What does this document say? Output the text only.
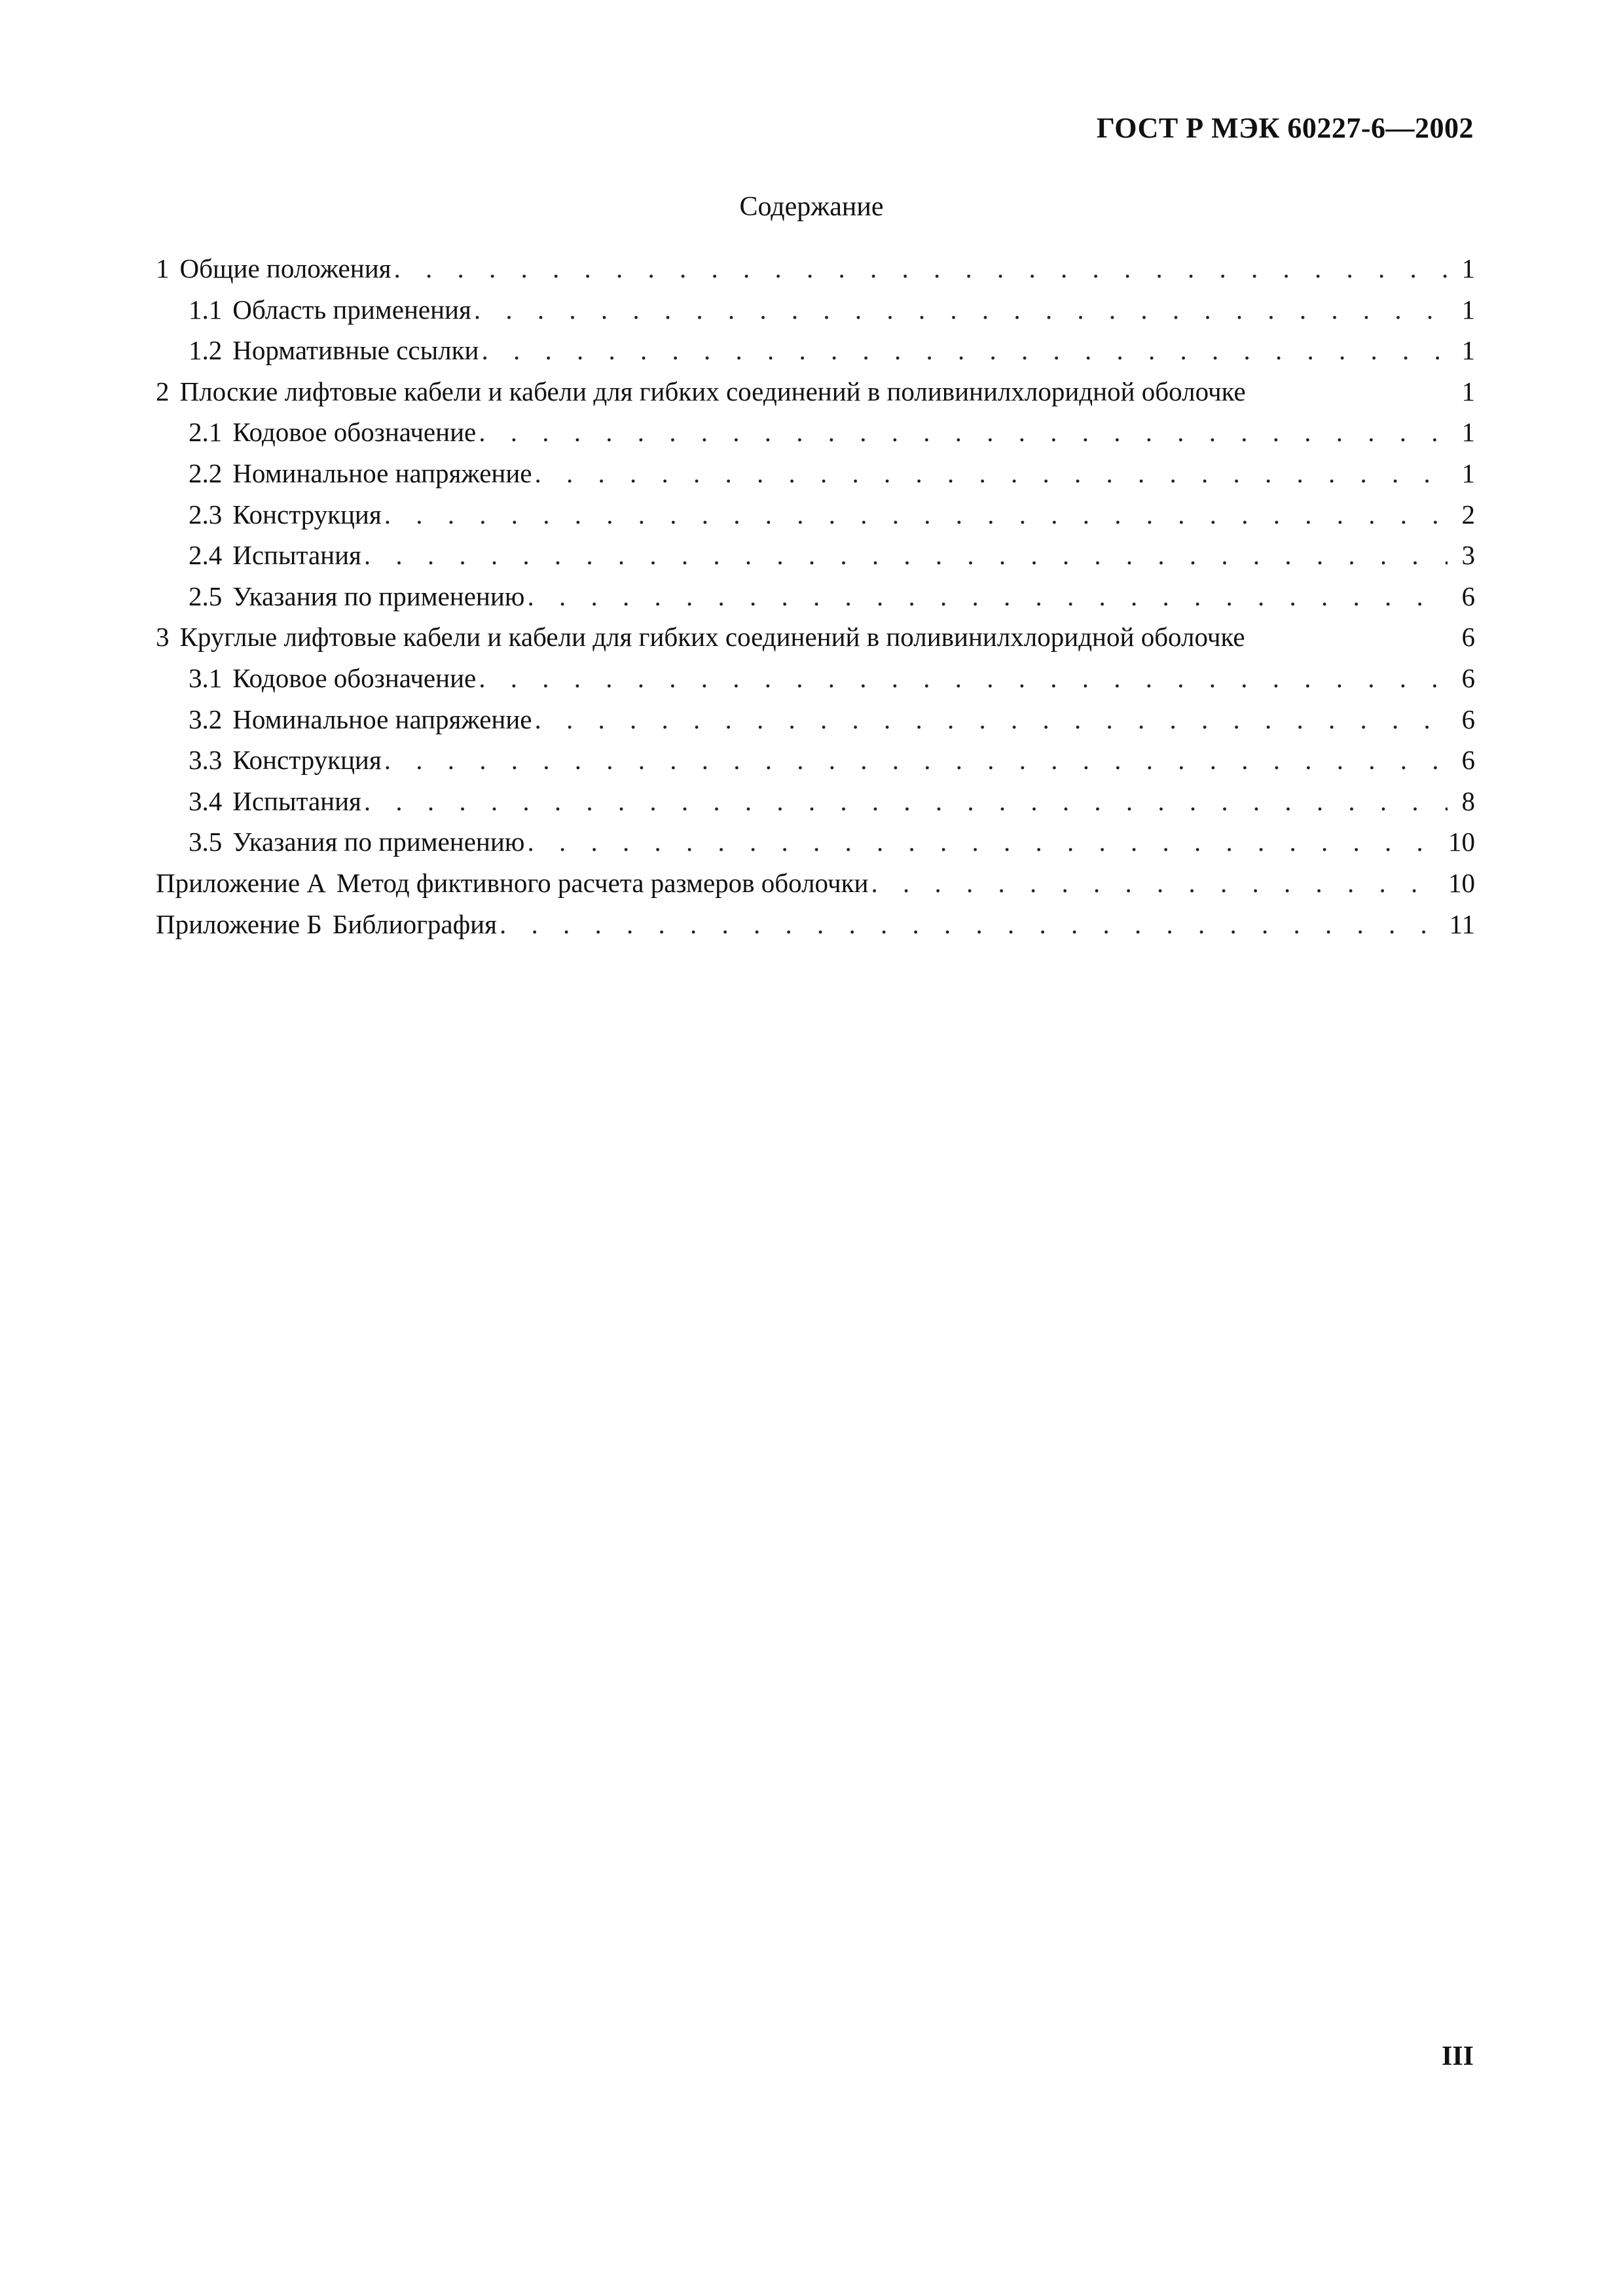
ГОСТ Р МЭК 60227-6—2002
Содержание
1 Общие положения . . .	1
1.1 Область применения . . .	1
1.2 Нормативные ссылки . . .	1
2 Плоские лифтовые кабели и кабели для гибких соединений в поливинилхлоридной оболочке	1
2.1 Кодовое обозначение . . .	1
2.2 Номинальное напряжение . . .	1
2.3 Конструкция . . .	2
2.4 Испытания . . .	3
2.5 Указания по применению . . .	6
3 Круглые лифтовые кабели и кабели для гибких соединений в поливинилхлоридной оболочке	6
3.1 Кодовое обозначение . . .	6
3.2 Номинальное напряжение . . .	6
3.3 Конструкция . . .	6
3.4 Испытания . . .	8
3.5 Указания по применению . . .	10
Приложение А Метод фиктивного расчета размеров оболочки . . .	10
Приложение Б Библиография . . .	11
III
